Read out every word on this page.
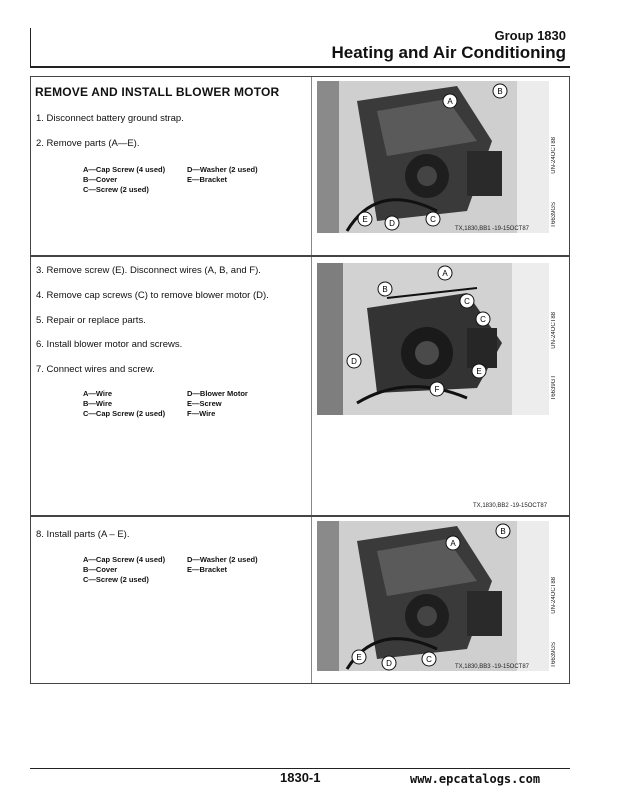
Group 1830
Heating and Air Conditioning
REMOVE AND INSTALL BLOWER MOTOR
1. Disconnect battery ground strap.
2. Remove parts (A—E).
A—Cap Screw (4 used)	D—Washer (2 used)
B—Cover	E—Bracket
C—Screw (2 used)
A
B
C
D
E
TX,1830,BB1 -19-15OCT87
UN-24OCT88
T6639GS
3. Remove screw (E). Disconnect wires (A, B, and F).
4. Remove cap screws (C) to remove blower motor (D).
5. Repair or replace parts.
6. Install blower motor and screws.
7. Connect wires and screw.
A—Wire	D—Blower Motor
B—Wire	E—Screw
C—Cap Screw (2 used)	F—Wire
A
B
C
C
D
E
F
TX,1830,BB2 -19-15OCT87
UN-24OCT88
T6639GT
8. Install parts (A – E).
A—Cap Screw (4 used)	D—Washer (2 used)
B—Cover	E—Bracket
C—Screw (2 used)
A
B
C
D
E
TX,1830,BB3 -19-15OCT87
UN-24OCT88
T6639GS
1830-1	www.epcatalogs.com
